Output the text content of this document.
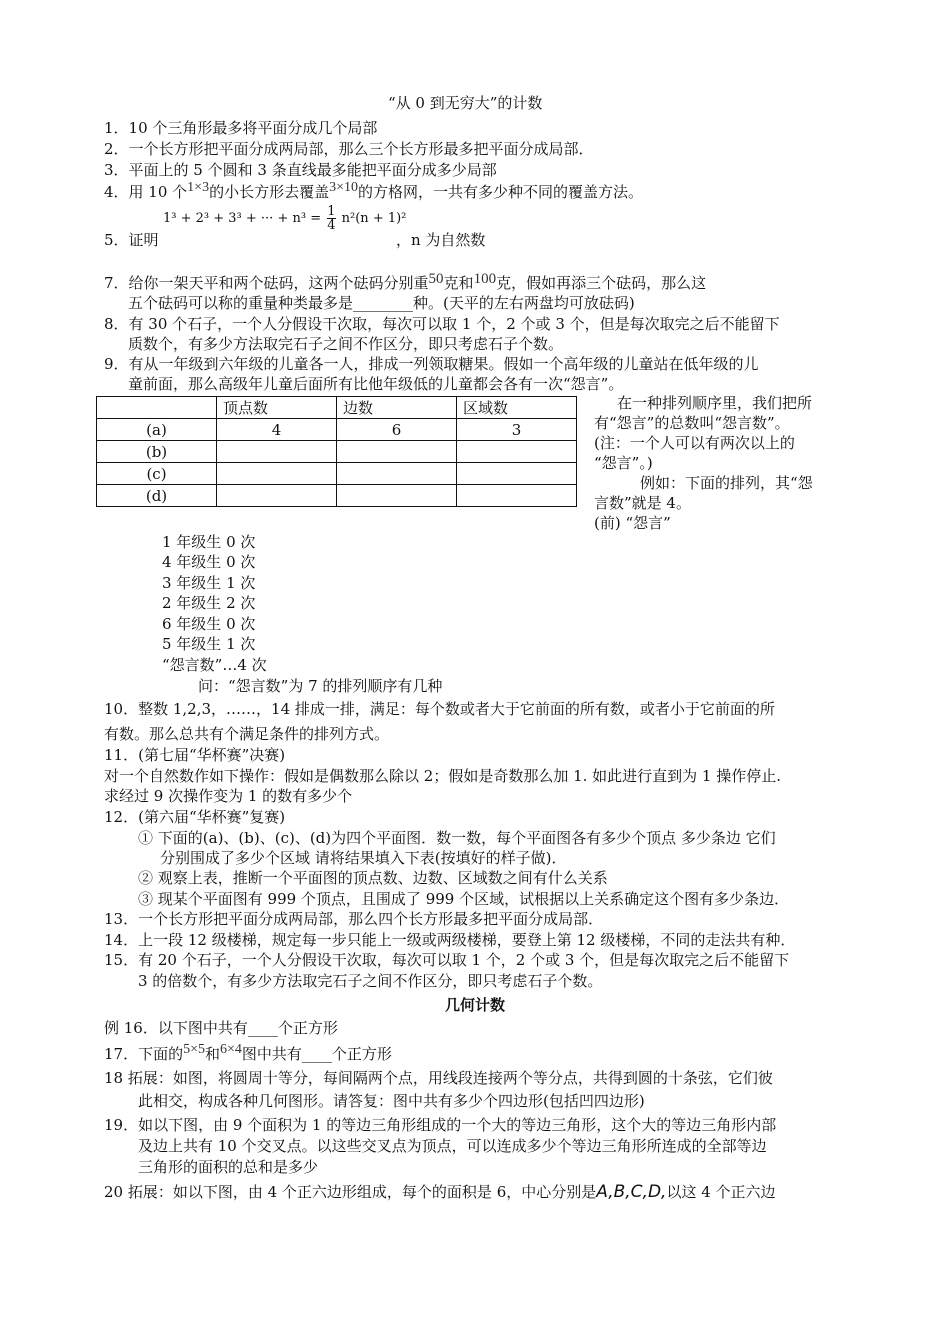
“从 0 到无穷大”的计数
1．10 个三角形最多将平面分成几个局部
2．一个长方形把平面分成两局部，那么三个长方形最多把平面分成局部．
3．平面上的 5 个圆和 3 条直线最多能把平面分成多少局部
4．用 10 个1×3的小长方形去覆盖3×10的方格网，一共有多少种不同的覆盖方法。
1³ + 2³ + 3³ + ··· + $n^3 = \frac{1}{4} n^2(n + 1)^2$
5．证明	，n 为自然数
7．给你一架天平和两个砝码，这两个砝码分别重50克和100克，假如再添三个砝码，那么这
五个砝码可以称的重量种类最多是________种。(天平的左右两盘均可放砝码)
8．有 30 个石子，一个人分假设干次取，每次可以取 1 个，2 个或 3 个，但是每次取完之后不能留下
质数个，有多少方法取完石子之间不作区分，即只考虑石子个数。
9．有从一年级到六年级的儿童各一人，排成一列领取糖果。假如一个高年级的儿童站在低年级的儿
童前面，那么高级年儿童后面所有比他年级低的儿童都会各有一次“怨言”。
	顶点数	边数	区域数
(a)	4	6	3
(b)			
(c)			
(d)			
在一种排列顺序里，我们把所
有“怨言”的总数叫“怨言数”。
(注：一个人可以有两次以上的
“怨言”。)
例如：下面的排列，其“怨
言数”就是 4。
(前) “怨言”
1 年级生 0 次
4 年级生 0 次
3 年级生 1 次
2 年级生 2 次
6 年级生 0 次
5 年级生 1 次
“怨言数”…4 次
问：“怨言数”为 7 的排列顺序有几种
10．整数 1,2,3，……，14 排成一排，满足：每个数或者大于它前面的所有数，或者小于它前面的所
有数。那么总共有个满足条件的排列方式。
11．(第七届“华杯赛”决赛)
对一个自然数作如下操作：假如是偶数那么除以 2；假如是奇数那么加 1. 如此进行直到为 1 操作停止.
求经过 9 次操作变为 1 的数有多少个
12．(第六届“华杯赛”复赛)
① 下面的(a)、(b)、(c)、(d)为四个平面图．数一数，每个平面图各有多少个顶点 多少条边 它们
分别围成了多少个区域 请将结果填入下表(按填好的样子做)．
② 观察上表，推断一个平面图的顶点数、边数、区域数之间有什么关系
③ 现某个平面图有 999 个顶点，且围成了 999 个区域，试根据以上关系确定这个图有多少条边．
13．一个长方形把平面分成两局部，那么四个长方形最多把平面分成局部．
14．上一段 12 级楼梯，规定每一步只能上一级或两级楼梯，要登上第 12 级楼梯，不同的走法共有种．
15．有 20 个石子，一个人分假设干次取，每次可以取 1 个，2 个或 3 个，但是每次取完之后不能留下
3 的倍数个，有多少方法取完石子之间不作区分，即只考虑石子个数。
几何计数
例 16．以下图中共有____个正方形
17．下面的5×5和6×4图中共有____个正方形
18 拓展：如图，将圆周十等分，每间隔两个点，用线段连接两个等分点，共得到圆的十条弦，它们彼
此相交，构成各种几何图形。请答复：图中共有多少个四边形(包括凹四边形)
19．如以下图，由 9 个面积为 1 的等边三角形组成的一个大的等边三角形，这个大的等边三角形内部
及边上共有 10 个交叉点。以这些交叉点为顶点，可以连成多少个等边三角形所连成的全部等边
三角形的面积的总和是多少
20 拓展：如以下图，由 4 个正六边形组成，每个的面积是 6，中心分别是A,B,C,D,以这 4 个正六边
